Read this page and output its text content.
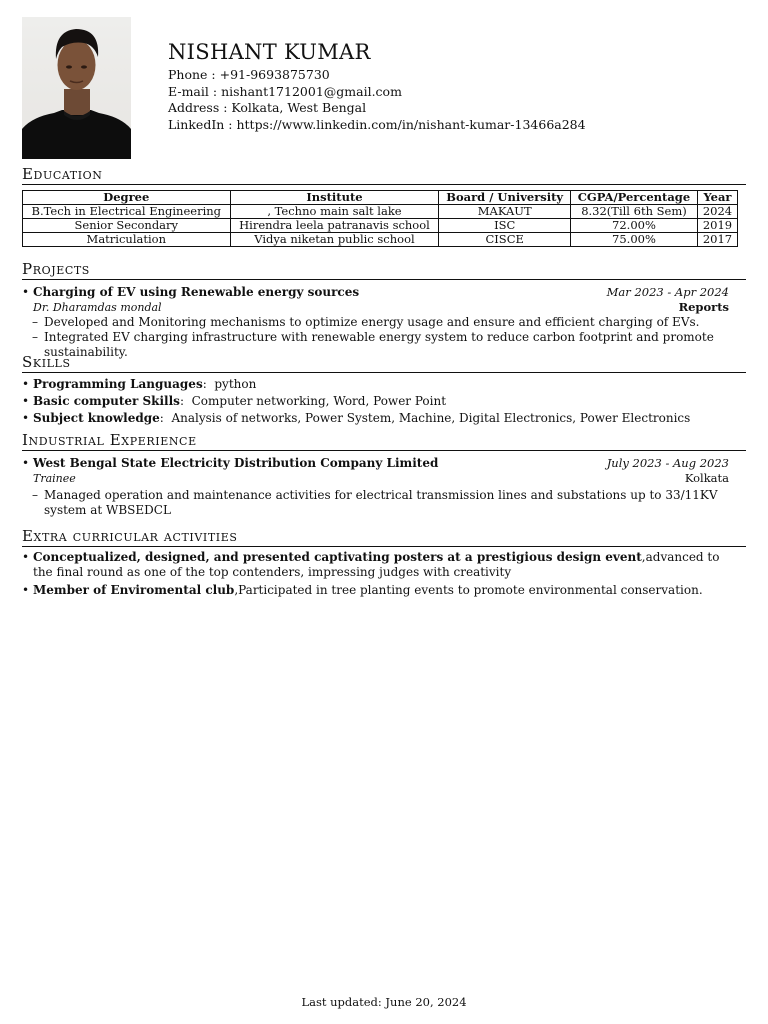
NISHANT KUMAR
Phone : +91-9693875730
E-mail : nishant1712001@gmail.com
Address : Kolkata, West Bengal
LinkedIn : https://www.linkedin.com/in/nishant-kumar-13466a284
Education
Degree	Institute	Board / University	CGPA/Percentage	Year
B.Tech in Electrical Engineering	, Techno main salt lake	MAKAUT	8.32(Till 6th Sem)	2024
Senior Secondary	Hirendra leela patranavis school	ISC	72.00%	2019
Matriculation	Vidya niketan public school	CISCE	75.00%	2017
Projects
• Charging of EV using Renewable energy sources	Mar 2023 - Apr 2024
Dr. Dharamdas mondal	Reports
– Developed and Monitoring mechanisms to optimize energy usage and ensure and efficient charging of EVs.
– Integrated EV charging infrastructure with renewable energy system to reduce carbon footprint and promote sustainability.
Skills
• Programming Languages:  python
• Basic computer Skills:  Computer networking, Word, Power Point
• Subject knowledge:  Analysis of networks, Power System, Machine, Digital Electronics, Power Electronics
Industrial Experience
• West Bengal State Electricity Distribution Company Limited	July 2023 - Aug 2023
Trainee	Kolkata
– Managed operation and maintenance activities for electrical transmission lines and substations up to 33/11KV system at WBSEDCL
Extra curricular activities
• Conceptualized, designed, and presented captivating posters at a prestigious design event,advanced to the final round as one of the top contenders, impressing judges with creativity
• Member of Enviromental club,Participated in tree planting events to promote environmental conservation.
Last updated: June 20, 2024
